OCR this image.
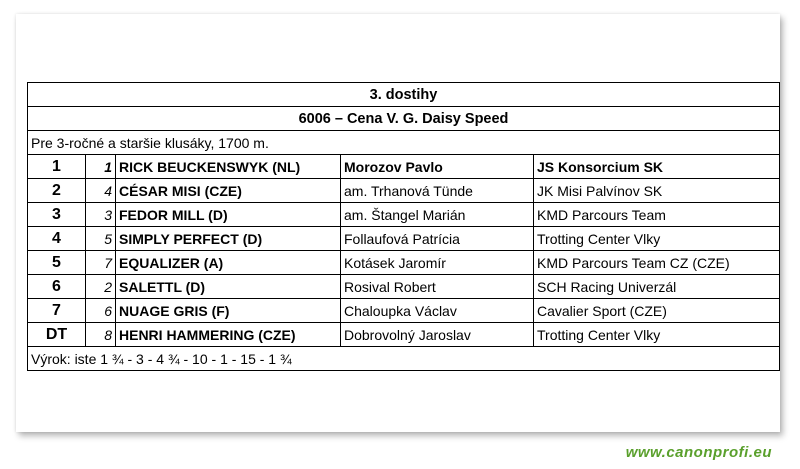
3. dostihy				
6006 – Cena V. G. Daisy Speed				
Pre 3-ročné a staršie klusáky, 1700 m.				
1	1	RICK BEUCKENSWYK (NL)	Morozov Pavlo	JS Konsorcium SK
2	4	CÉSAR MISI (CZE)	am. Trhanová Tünde	JK Misi Palvínov SK
3	3	FEDOR MILL (D)	am. Štangel Marián	KMD Parcours Team
4	5	SIMPLY PERFECT (D)	Follaufová Patrícia	Trotting Center Vlky
5	7	EQUALIZER (A)	Kotásek Jaromír	KMD Parcours Team CZ (CZE)
6	2	SALETTL (D)	Rosival Robert	SCH Racing Univerzál
7	6	NUAGE GRIS (F)	Chaloupka Václav	Cavalier Sport (CZE)
DT	8	HENRI HAMMERING (CZE)	Dobrovolný Jaroslav	Trotting Center Vlky
Výrok: iste 1 ¾ - 3 - 4 ¾ - 10 - 1 - 15 - 1 ¾				
www.canonprofi.eu
